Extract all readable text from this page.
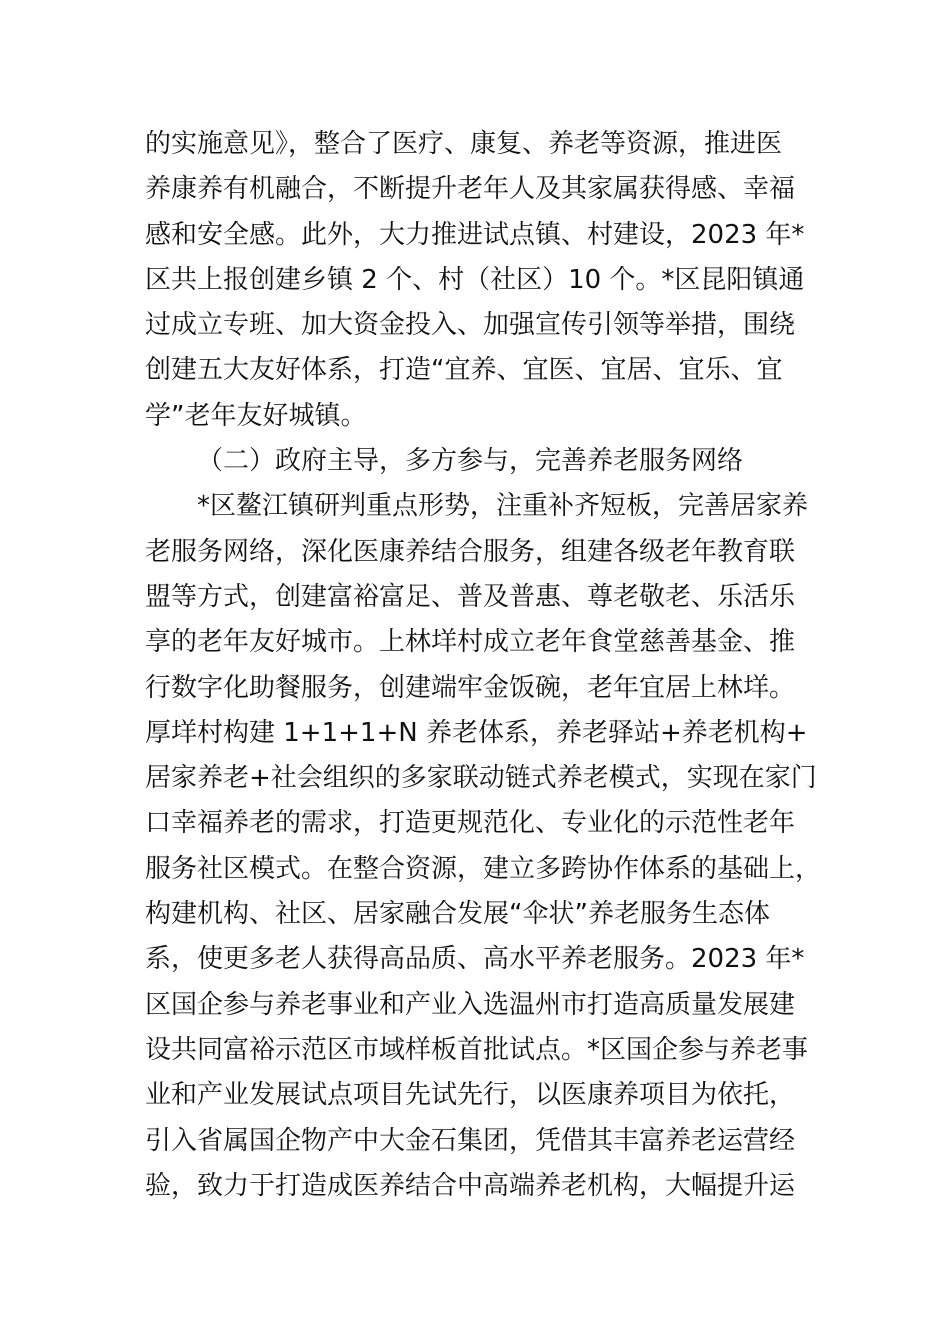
的实施意见》，整合了医疗、康复、养老等资源，推进医
养康养有机融合，不断提升老年人及其家属获得感、幸福
感和安全感。此外，大力推进试点镇、村建设，2023 年*
区共上报创建乡镇 2 个、村（社区）10 个。*区昆阳镇通
过成立专班、加大资金投入、加强宣传引领等举措，围绕
创建五大友好体系，打造“宜养、宜医、宜居、宜乐、宜
学”老年友好城镇。
（二）政府主导，多方参与，完善养老服务网络
*区鳌江镇研判重点形势，注重补齐短板，完善居家养
老服务网络，深化医康养结合服务，组建各级老年教育联
盟等方式，创建富裕富足、普及普惠、尊老敬老、乐活乐
享的老年友好城市。上林垟村成立老年食堂慈善基金、推
行数字化助餐服务，创建端牢金饭碗，老年宜居上林垟。
厚垟村构建 1+1+1+N 养老体系，养老驿站+养老机构+
居家养老+社会组织的多家联动链式养老模式，实现在家门
口幸福养老的需求，打造更规范化、专业化的示范性老年
服务社区模式。在整合资源，建立多跨协作体系的基础上，
构建机构、社区、居家融合发展“伞状”养老服务生态体
系，使更多老人获得高品质、高水平养老服务。2023 年*
区国企参与养老事业和产业入选温州市打造高质量发展建
设共同富裕示范区市域样板首批试点。*区国企参与养老事
业和产业发展试点项目先试先行，以医康养项目为依托，
引入省属国企物产中大金石集团，凭借其丰富养老运营经
验，致力于打造成医养结合中高端养老机构，大幅提升运
